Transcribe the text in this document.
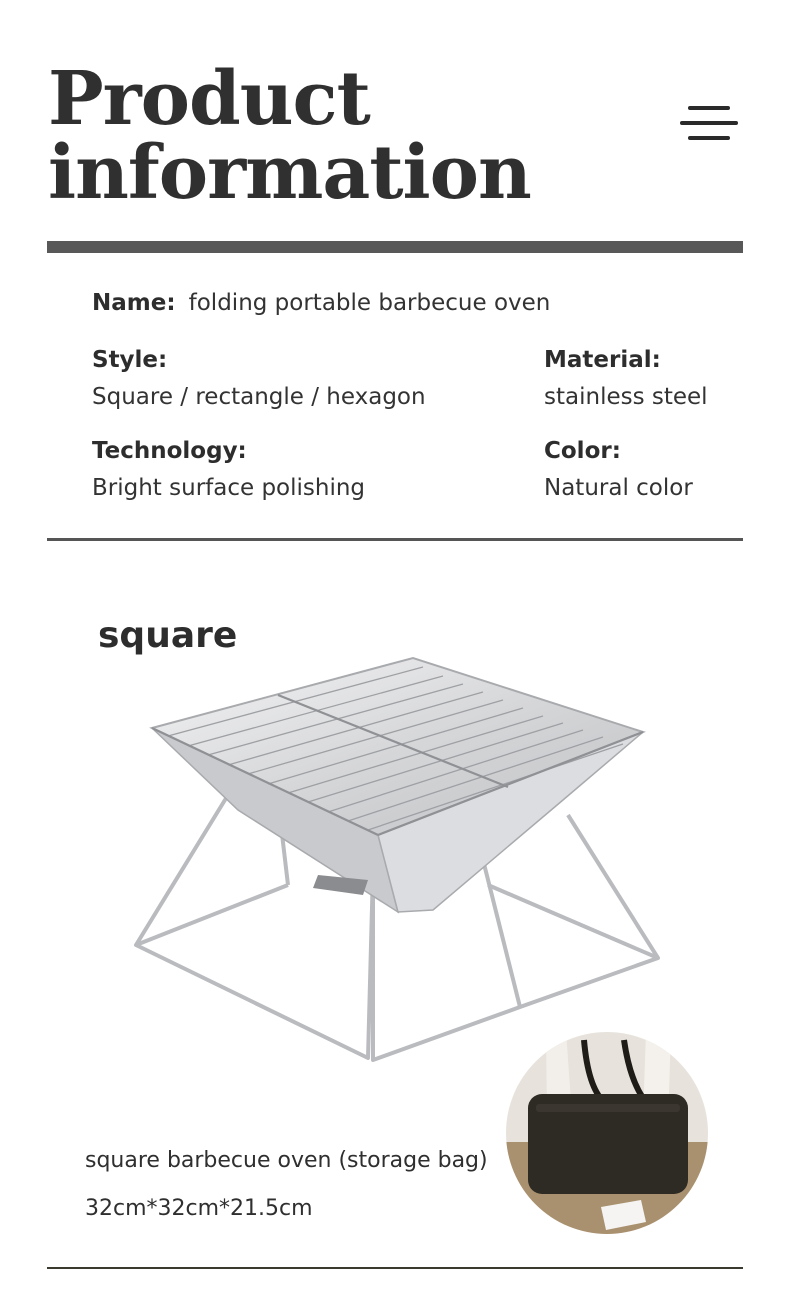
Product
information
Name: folding portable barbecue oven
Style:
Square / rectangle / hexagon
Material:
stainless steel
Technology:
Bright surface polishing
Color:
Natural color
square
square barbecue oven (storage bag)
32cm*32cm*21.5cm
